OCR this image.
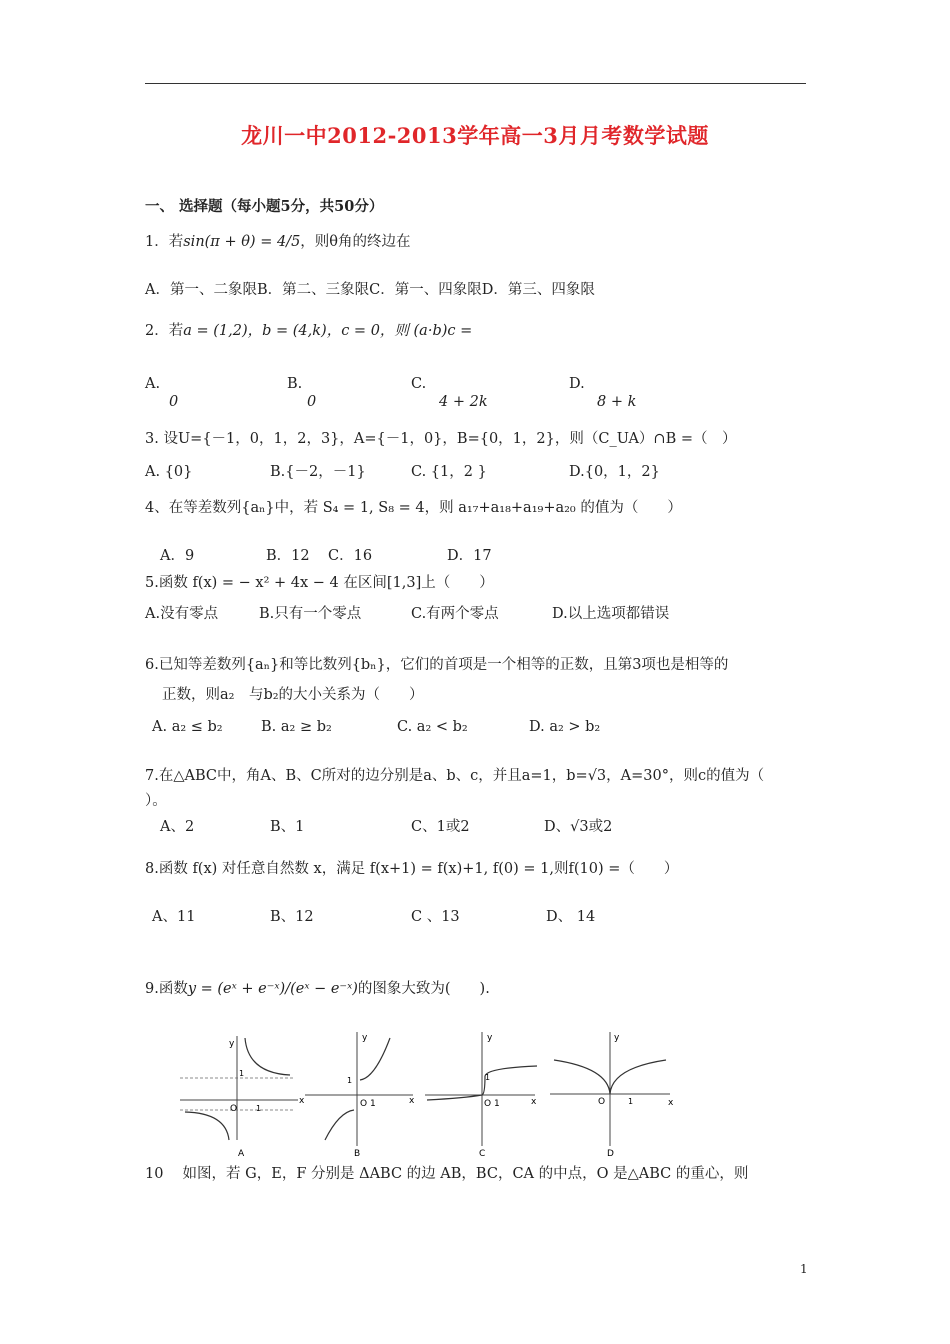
龙川一中2012-2013学年高一3月月考数学试题
一、 选择题（每小题5分，共50分）
1．若sin(π + θ) = 4/5，则θ角的终边在
A．第一、二象限B．第二、三象限C．第一、四象限D．第三、四象限
2．若a = (1,2)，b = (4,k)，c = 0，则 (a·b)c =
A.
0
B.
0
C.
4 + 2k
D.
8 + k
3. 设U={－1，0，1，2，3}，A={－1，0}，B={0，1，2}，则（C_UA）∩B =（　）
A. {0}	B.{－2，－1}	C. {1，2 }	D.{0，1，2}
4、在等差数列{aₙ}中，若 S₄ = 1, S₈ = 4，则 a₁₇+a₁₈+a₁₉+a₂₀ 的值为（　　）
A．9	B．12 C．16	D．17
5.函数 f(x) = − x² + 4x − 4 在区间[1,3]上（　　）
A.没有零点	B.只有一个零点	C.有两个零点	D.以上选项都错误
6.已知等差数列{aₙ}和等比数列{bₙ}，它们的首项是一个相等的正数，且第3项也是相等的
正数，则a₂　与b₂的大小关系为（　　）
A. a₂ ≤ b₂	B. a₂ ≥ b₂	C. a₂ < b₂	D. a₂ > b₂
7.在△ABC中，角A、B、C所对的边分别是a、b、c，并且a=1，b=√3，A=30°，则c的值为（
）。
A、2	B、1	C、1或2	D、√3或2
8.函数 f(x) 对任意自然数 x，满足 f(x+1) = f(x)+1, f(0) = 1,则f(10) =（　　）
A、11	B、12	C 、13	D、 14
9.函数y = (eˣ + e⁻ˣ)/(eˣ − e⁻ˣ)的图象大致为(　　).
y
x
O
1
1
A
y
x
O 1
1
B
y
x
O 1
1
C
y
x
O	1
D
10　 如图，若 G，E，F 分别是 ΔABC 的边 AB，BC，CA 的中点，O 是△ABC 的重心，则
1
